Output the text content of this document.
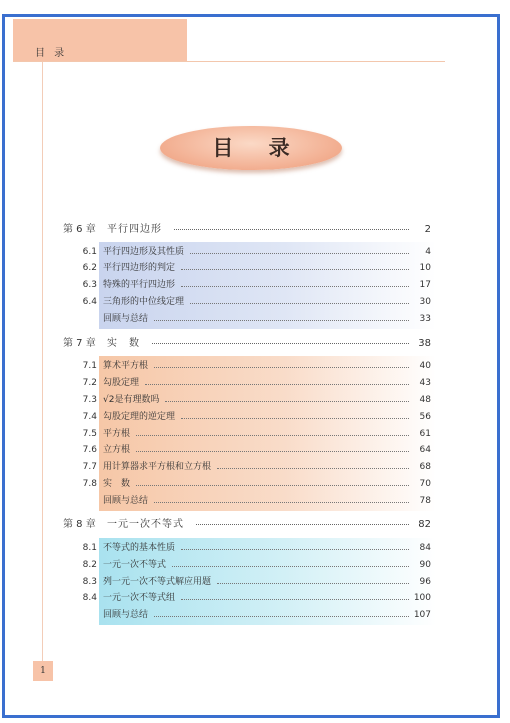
目 录
目 录
第 6 章 平行四边形	2
6.1 平行四边形及其性质	4
6.2 平行四边形的判定	10
6.3 特殊的平行四边形	17
6.4 三角形的中位线定理	30
回顾与总结	33
第 7 章 实　数	38
7.1 算术平方根	40
7.2 勾股定理	43
7.3 √2是有理数吗	48
7.4 勾股定理的逆定理	56
7.5 平方根	61
7.6 立方根	64
7.7 用计算器求平方根和立方根	68
7.8 实　数	70
回顾与总结	78
第 8 章 一元一次不等式	82
8.1 不等式的基本性质	84
8.2 一元一次不等式	90
8.3 列一元一次不等式解应用题	96
8.4 一元一次不等式组	100
回顾与总结	107
1
